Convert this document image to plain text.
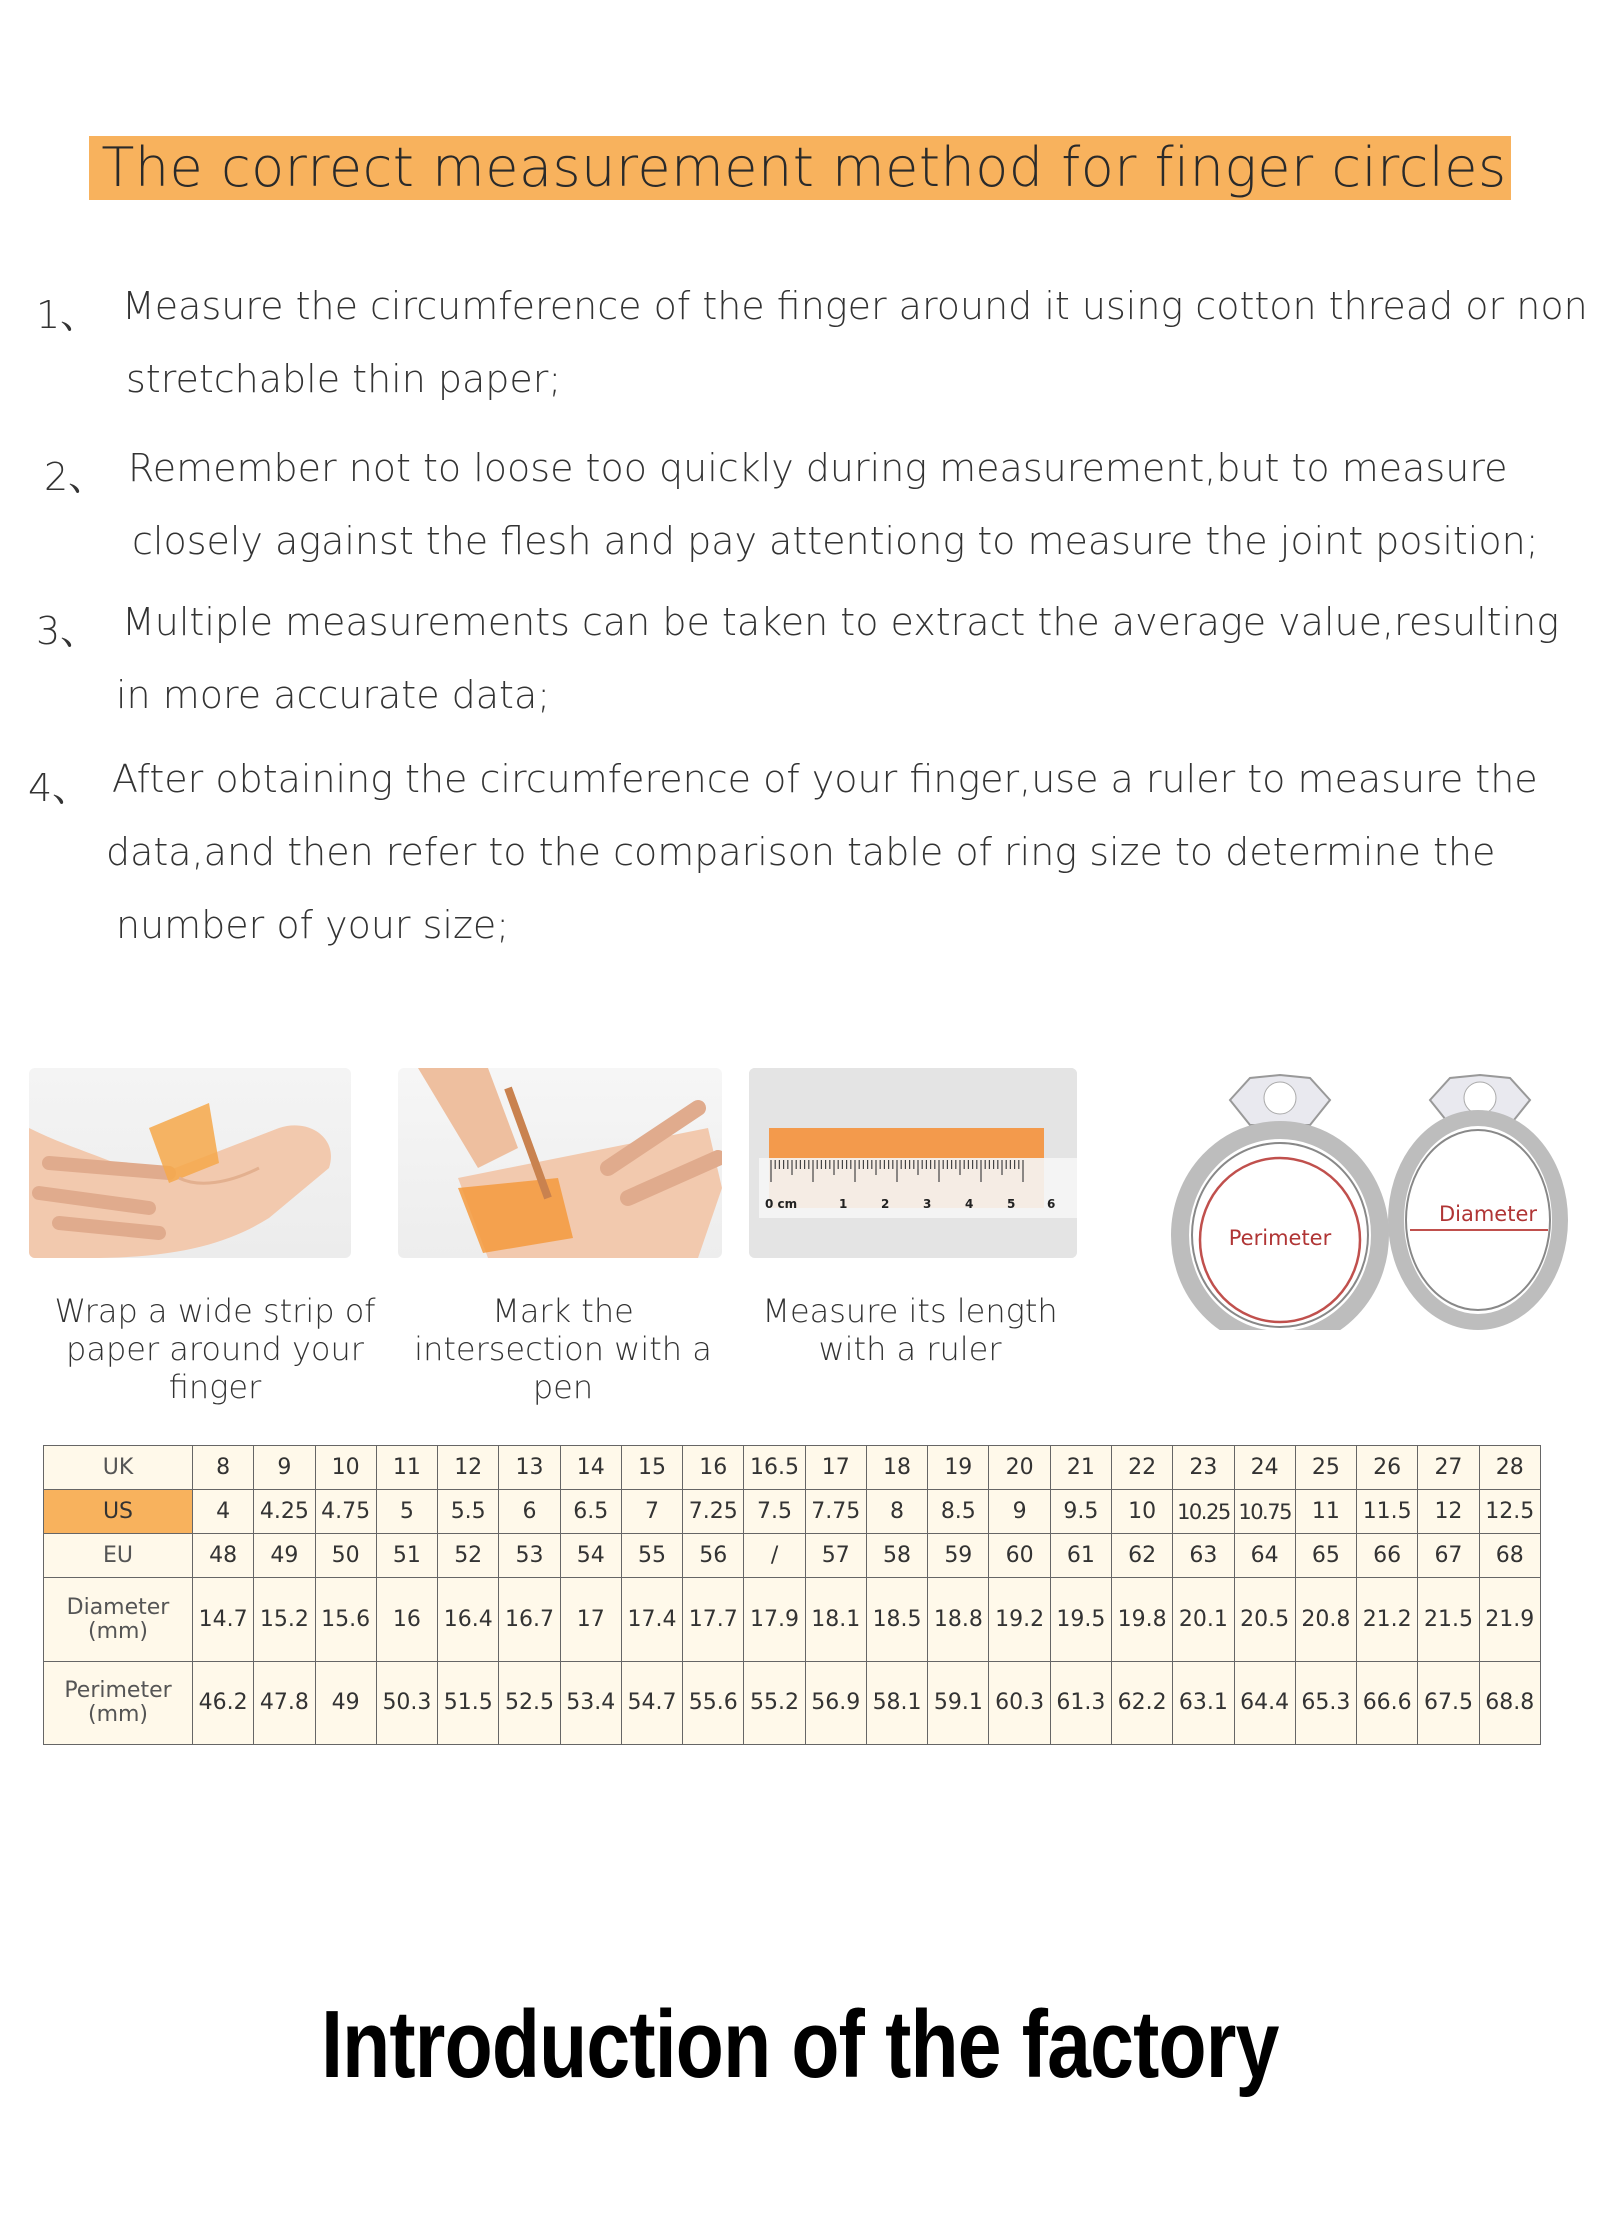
The correct measurement method for finger circles
1、 Measure the circumference of the finger around it using cotton thread or non
stretchable thin paper;
2、 Remember not to loose too quickly during measurement,but to measure
closely against the flesh and pay attentiong to measure the joint position;
3、 Multiple measurements can be taken to extract the average value,resulting
in more accurate data;
4、 After obtaining the circumference of your finger,use a ruler to measure the
data,and then refer to the comparison table of ring size to determine the
number of your size;
0 cm	1	2	3	4	5	6
Perimeter
Diameter
Wrap a wide strip of paper around your finger
Mark the intersection with a pen
Measure its length with a ruler
UK	8	9	10	11	12	13	14	15	16	16.5	17	18	19	20	21	22	23	24	25	26	27	28
US	4	4.25	4.75	5	5.5	6	6.5	7	7.25	7.5	7.75	8	8.5	9	9.5	10	10.25	10.75	11	11.5	12	12.5
EU	48	49	50	51	52	53	54	55	56	/	57	58	59	60	61	62	63	64	65	66	67	68
Diameter (mm)	14.7	15.2	15.6	16	16.4	16.7	17	17.4	17.7	17.9	18.1	18.5	18.8	19.2	19.5	19.8	20.1	20.5	20.8	21.2	21.5	21.9
Perimeter (mm)	46.2	47.8	49	50.3	51.5	52.5	53.4	54.7	55.6	55.2	56.9	58.1	59.1	60.3	61.3	62.2	63.1	64.4	65.3	66.6	67.5	68.8
Introduction of the factory
